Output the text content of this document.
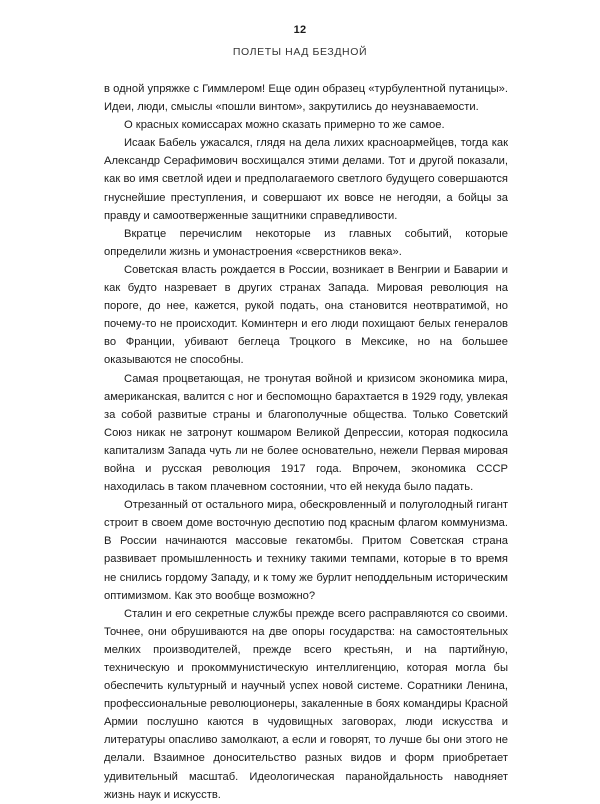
12
ПОЛЕТЫ НАД БЕЗДНОЙ

в одной упряжке с Гиммлером! Еще один образец «турбулентной путаницы». Идеи, люди, смыслы «пошли винтом», закрутились до неузнаваемости.

О красных комиссарах можно сказать примерно то же самое.

Исаак Бабель ужасался, глядя на дела лихих красноармейцев, тогда как Александр Серафимович восхищался этими делами. Тот и другой показали, как во имя светлой идеи и предполагаемого светлого будущего совершаются гнуснейшие преступления, и совершают их вовсе не негодяи, а бойцы за правду и самоотверженные защитники справедливости.

Вкратце перечислим некоторые из главных событий, которые определили жизнь и умонастроения «сверстников века».

Советская власть рождается в России, возникает в Венгрии и Баварии и как будто назревает в других странах Запада. Мировая революция на пороге, до нее, кажется, рукой подать, она становится неотвратимой, но почему-то не происходит. Коминтерн и его люди похищают белых генералов во Франции, убивают беглеца Троцкого в Мексике, но на большее оказываются не способны.

Самая процветающая, не тронутая войной и кризисом экономика мира, американская, валится с ног и беспомощно барахтается в 1929 году, увлекая за собой развитые страны и благополучные общества. Только Советский Союз никак не затронут кошмаром Великой Депрессии, которая подкосила капитализм Запада чуть ли не более основательно, нежели Первая мировая война и русская революция 1917 года. Впрочем, экономика СССР находилась в таком плачевном состоянии, что ей некуда было падать.

Отрезанный от остального мира, обескровленный и полуголодный гигант строит в своем доме восточную деспотию под красным флагом коммунизма. В России начинаются массовые гекатомбы. Притом Советская страна развивает промышленность и технику такими темпами, которые в то время не снились гордому Западу, и к тому же бурлит неподдельным историческим оптимизмом. Как это вообще возможно?

Сталин и его секретные службы прежде всего расправляются со своими. Точнее, они обрушиваются на две опоры государства: на самостоятельных мелких производителей, прежде всего крестьян, и на партийную, техническую и прокоммунистическую интеллигенцию, которая могла бы обеспечить культурный и научный успех новой системе. Соратники Ленина, профессиональные революционеры, закаленные в боях командиры Красной Армии послушно каются в чудовищных заговорах, люди искусства и литературы опасливо замолкают, а если и говорят, то лучше бы они этого не делали. Взаимное доносительство разных видов и форм приобретает удивительный масштаб. Идеологическая паранойдальность наводняет жизнь наук и искусств.
